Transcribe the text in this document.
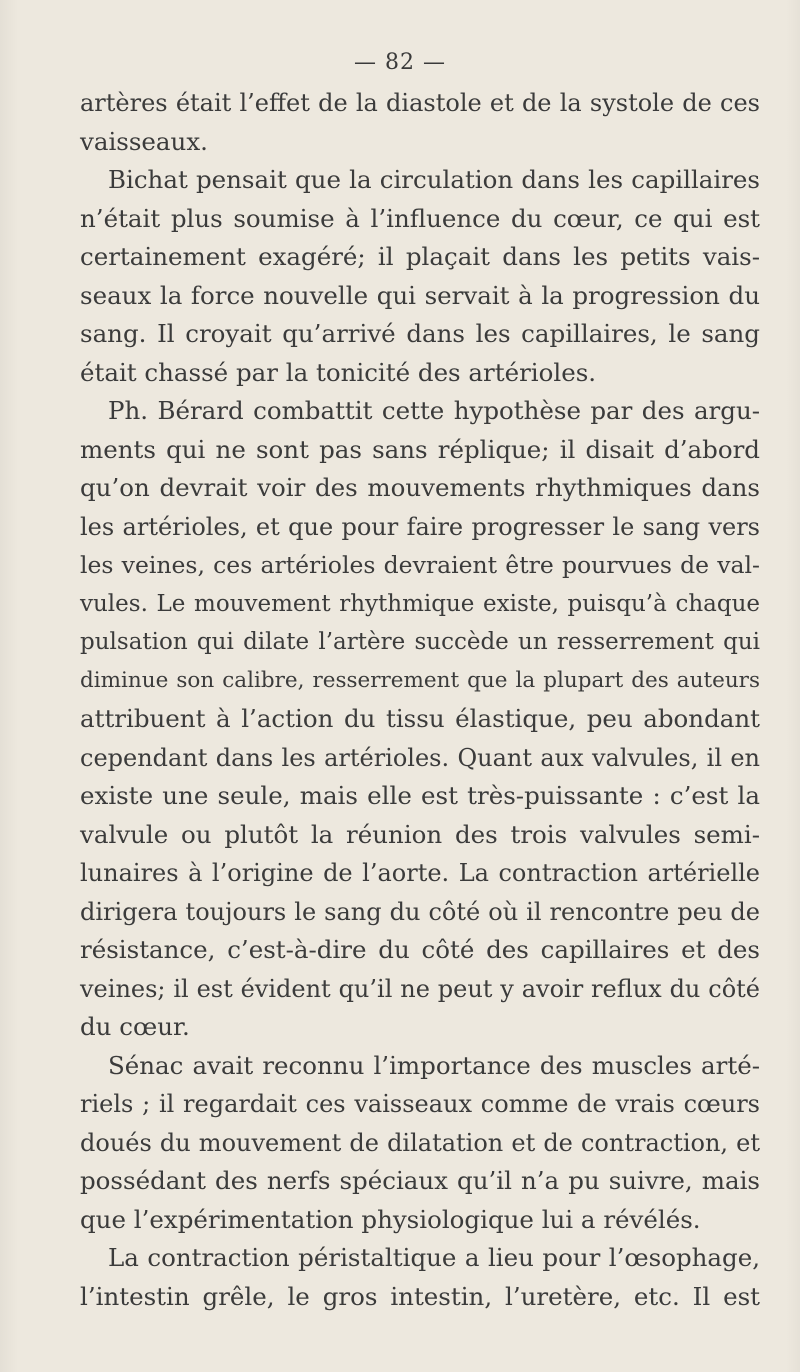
— 82 —
artères était l’effet de la diastole et de la systole de ces
vaisseaux.
Bichat pensait que la circulation dans les capillaires
n’était plus soumise à l’influence du cœur, ce qui est
certainement exagéré; il plaçait dans les petits vais-
seaux la force nouvelle qui servait à la progression du
sang. Il croyait qu’arrivé dans les capillaires, le sang
était chassé par la tonicité des artérioles.
Ph. Bérard combattit cette hypothèse par des argu-
ments qui ne sont pas sans réplique; il disait d’abord
qu’on devrait voir des mouvements rhythmiques dans
les artérioles, et que pour faire progresser le sang vers
les veines, ces artérioles devraient être pourvues de val-
vules. Le mouvement rhythmique existe, puisqu’à chaque
pulsation qui dilate l’artère succède un resserrement qui
diminue son calibre, resserrement que la plupart des auteurs
attribuent à l’action du tissu élastique, peu abondant
cependant dans les artérioles. Quant aux valvules, il en
existe une seule, mais elle est très-puissante : c’est la
valvule ou plutôt la réunion des trois valvules semi-
lunaires à l’origine de l’aorte. La contraction artérielle
dirigera toujours le sang du côté où il rencontre peu de
résistance, c’est-à-dire du côté des capillaires et des
veines; il est évident qu’il ne peut y avoir reflux du côté
du cœur.
Sénac avait reconnu l’importance des muscles arté-
riels ; il regardait ces vaisseaux comme de vrais cœurs
doués du mouvement de dilatation et de contraction, et
possédant des nerfs spéciaux qu’il n’a pu suivre, mais
que l’expérimentation physiologique lui a révélés.
La contraction péristaltique a lieu pour l’œsophage,
l’intestin grêle, le gros intestin, l’uretère, etc. Il est
